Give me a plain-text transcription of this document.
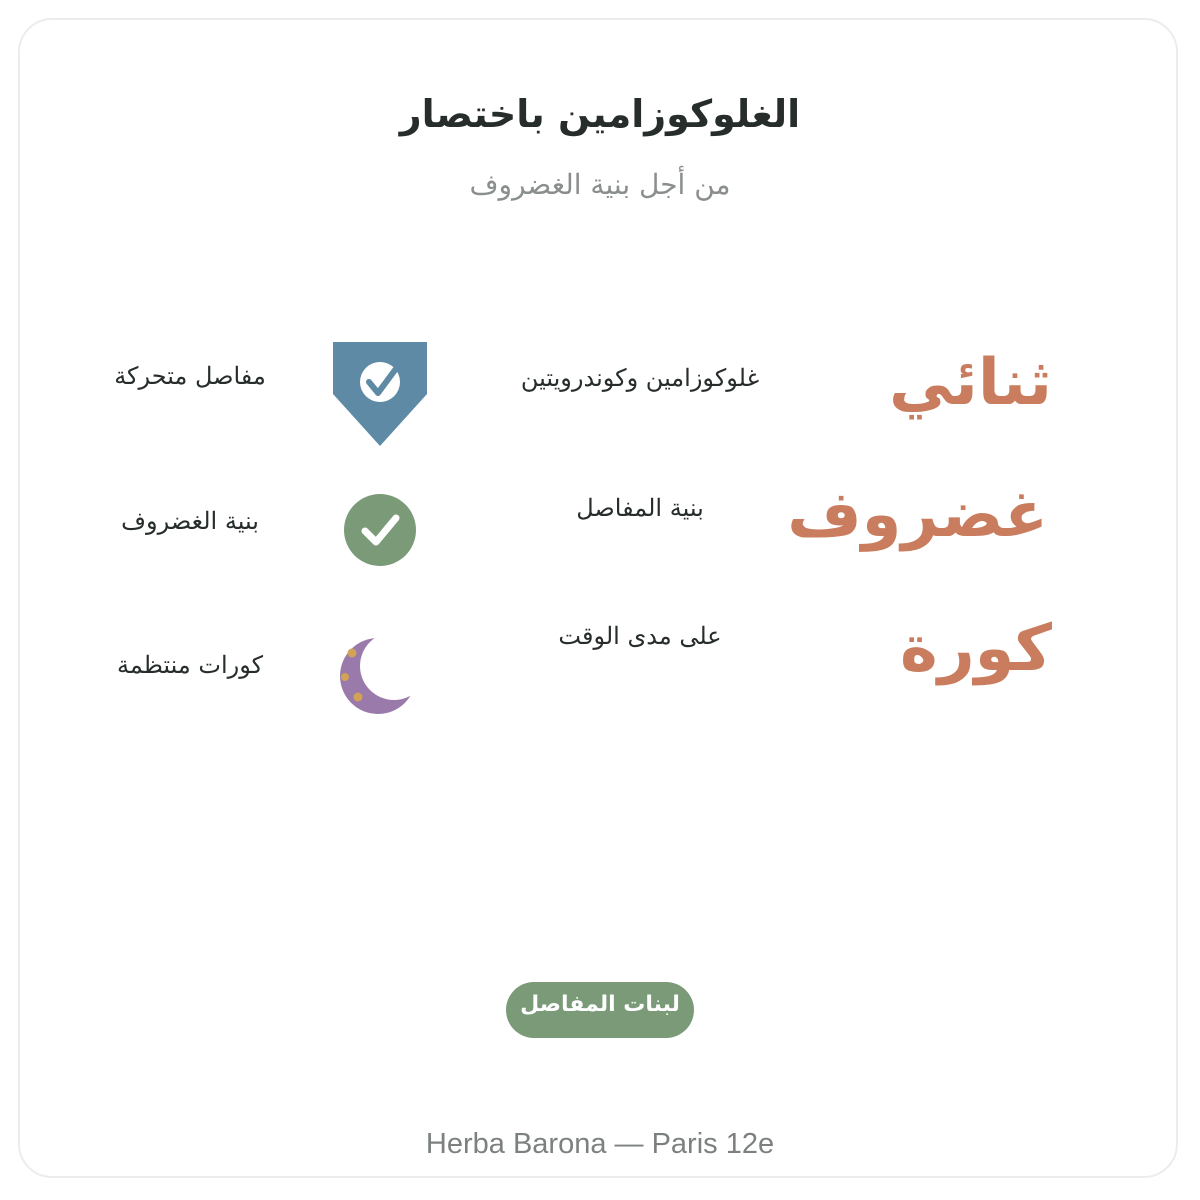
الغلوكوزامين باختصار
من أجل بنية الغضروف
ثنائي
غلوكوزامين وكوندرويتين
مفاصل متحركة
غضروف
بنية المفاصل
بنية الغضروف
كورة
على مدى الوقت
كورات منتظمة
لبنات المفاصل
Herba Barona — Paris 12e
